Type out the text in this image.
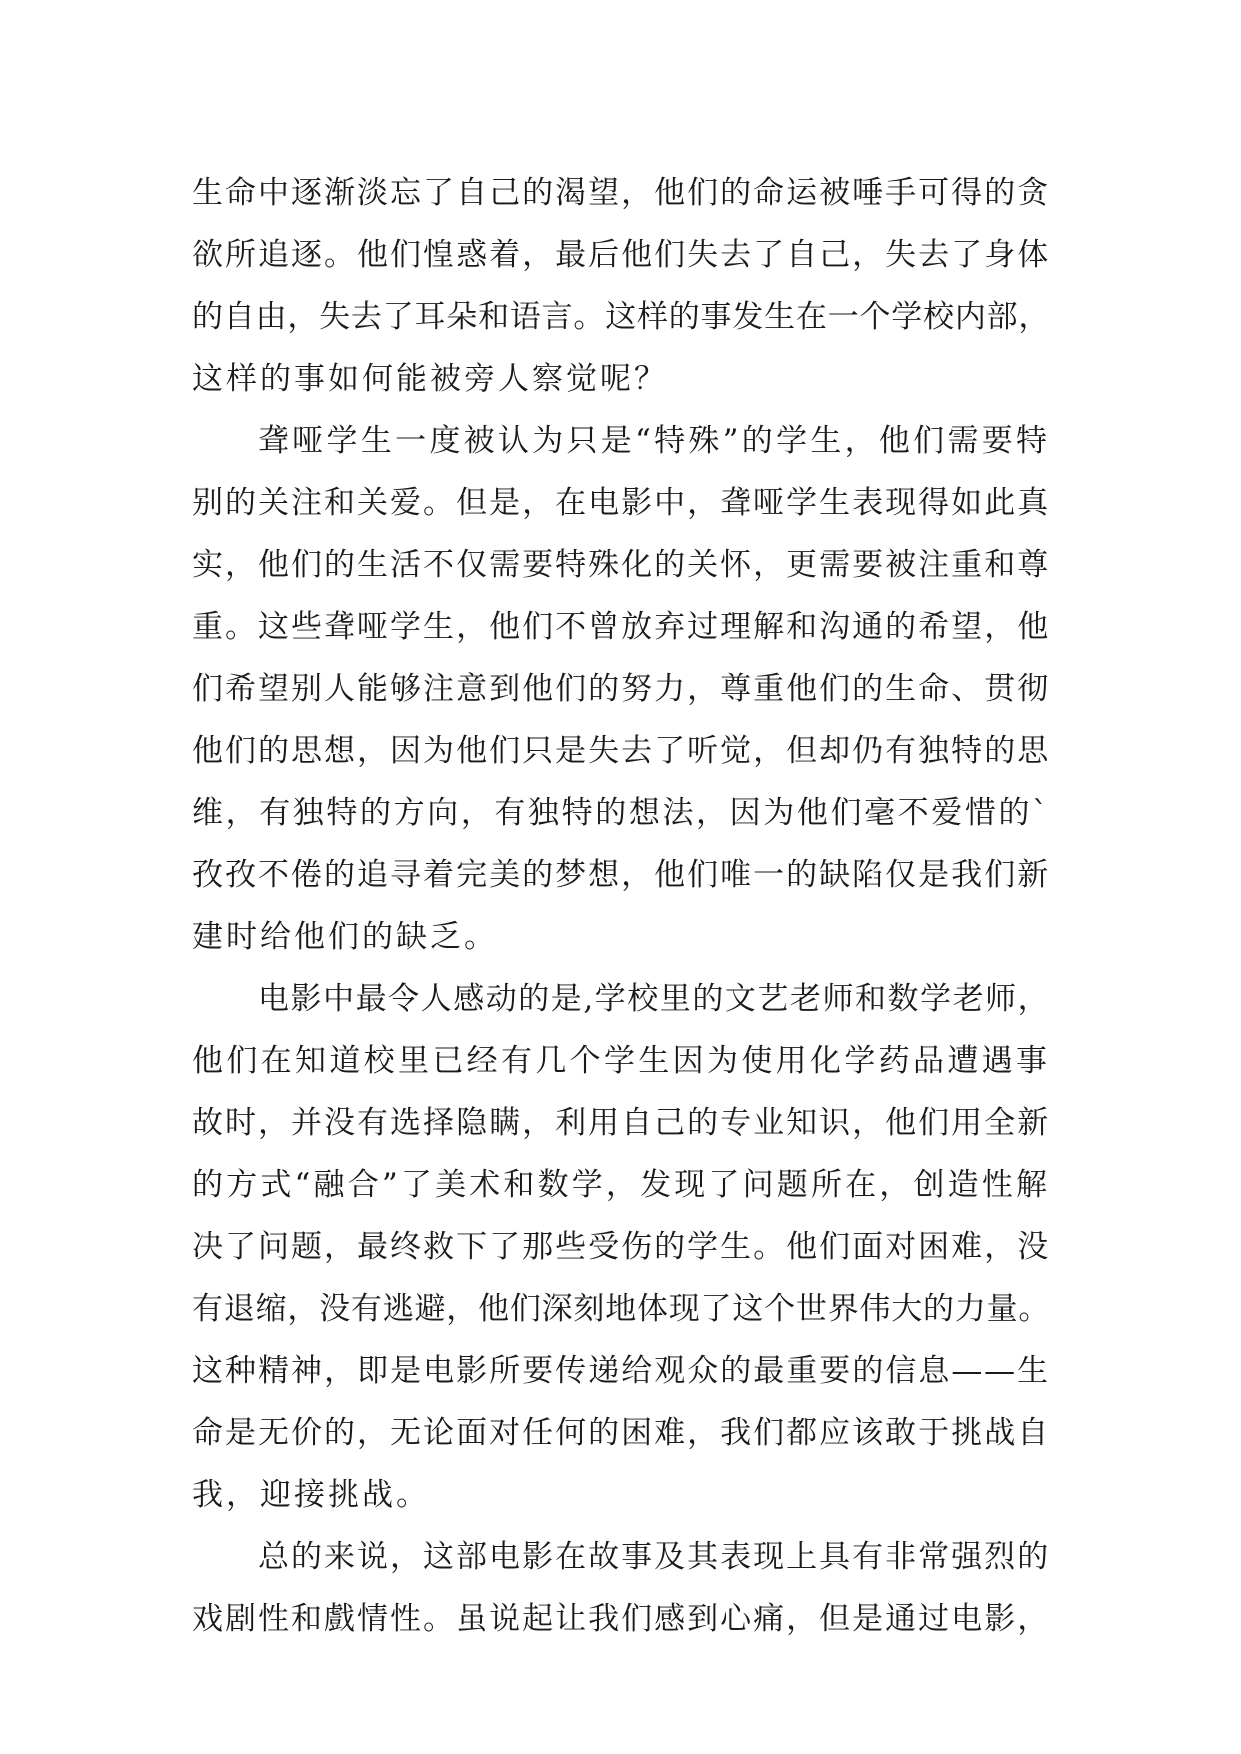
生命中逐渐淡忘了自己的渴望，他们的命运被唾手可得的贪
欲所追逐。他们惶惑着，最后他们失去了自己，失去了身体
的自由，失去了耳朵和语言。这样的事发生在一个学校内部，
这样的事如何能被旁人察觉呢？
聋哑学生一度被认为只是“特殊”的学生，他们需要特
别的关注和关爱。但是，在电影中，聋哑学生表现得如此真
实，他们的生活不仅需要特殊化的关怀，更需要被注重和尊
重。这些聋哑学生，他们不曾放弃过理解和沟通的希望，他
们希望别人能够注意到他们的努力，尊重他们的生命、贯彻
他们的思想，因为他们只是失去了听觉，但却仍有独特的思
维，有独特的方向，有独特的想法，因为他们毫不爱惜的`
孜孜不倦的追寻着完美的梦想，他们唯一的缺陷仅是我们新
建时给他们的缺乏。
电影中最令人感动的是,学校里的文艺老师和数学老师，
他们在知道校里已经有几个学生因为使用化学药品遭遇事
故时，并没有选择隐瞒，利用自己的专业知识，他们用全新
的方式“融合”了美术和数学，发现了问题所在，创造性解
决了问题，最终救下了那些受伤的学生。他们面对困难，没
有退缩，没有逃避，他们深刻地体现了这个世界伟大的力量。
这种精神，即是电影所要传递给观众的最重要的信息——生
命是无价的，无论面对任何的困难，我们都应该敢于挑战自
我，迎接挑战。
总的来说，这部电影在故事及其表现上具有非常强烈的
戏剧性和戲情性。虽说起让我们感到心痛，但是通过电影，
